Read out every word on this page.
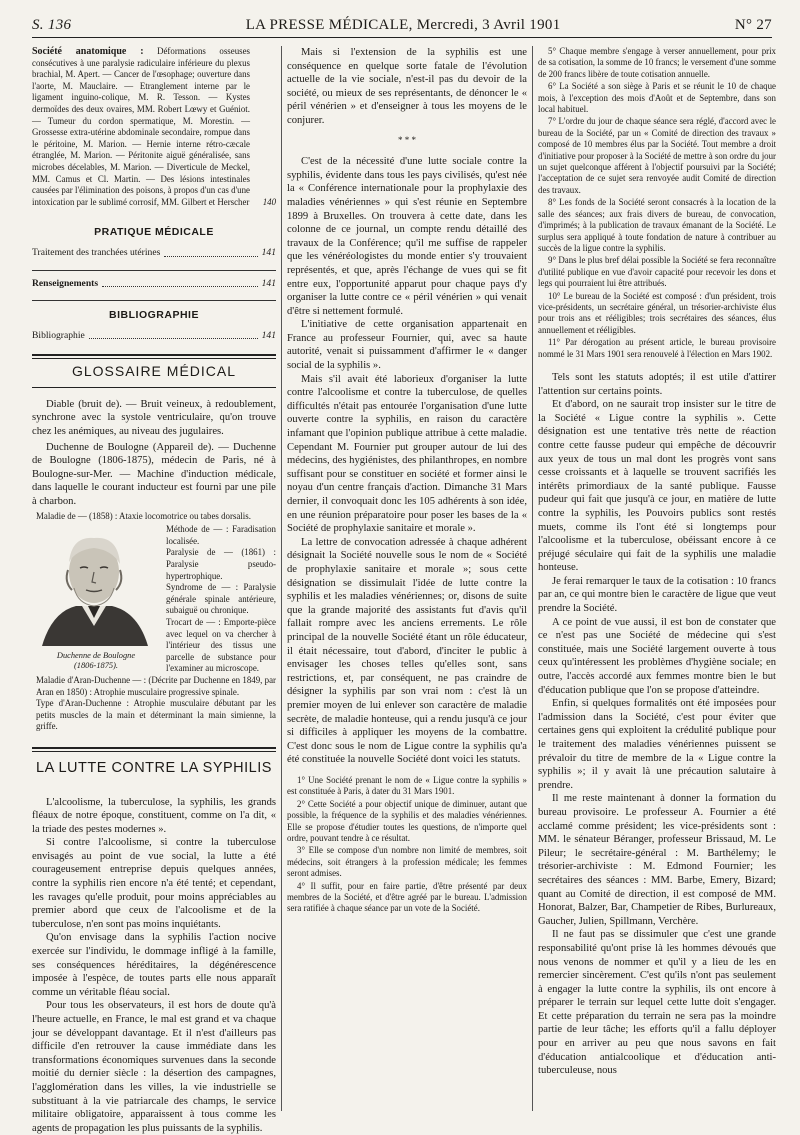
S. 136	LA PRESSE MÉDICALE, Mercredi, 3 Avril 1901	N° 27
Société anatomique : Déformations osseuses consécutives à une paralysie radiculaire inférieure du plexus brachial, M. Apert. — Cancer de l'œsophage; ouverture dans l'aorte, M. Mauclaire. — Etranglement interne par le ligament inguino-colique, M. R. Tesson. — Kystes dermoïdes des deux ovaires, MM. Robert Lœwy et Guéniot. — Tumeur du cordon spermatique, M. Morestin. — Grossesse extra-utérine abdominale secondaire, rompue dans le péritoine, M. Marion. — Hernie interne rétro-cæcale étranglée, M. Marion. — Péritonite aiguë généralisée, sans microbes décelables, M. Marion. — Diverticule de Meckel, MM. Camus et Cl. Martin. — Des lésions intestinales causées par l'élimination des poisons, à propos d'un cas d'une intoxication par le sublimé corrosif, MM. Gilbert et Herscher 140
PRATIQUE MÉDICALE
Traitement des tranchées utérines	141
Renseignements	141
BIBLIOGRAPHIE
Bibliographie	141
GLOSSAIRE MÉDICAL

Diable (bruit de). — Bruit veineux, à redoublement, synchrone avec la systole ventriculaire, qu'on trouve chez les anémiques, au niveau des jugulaires.

Duchenne de Boulogne (Appareil de). — Duchenne de Boulogne (1806-1875), médecin de Paris, né à Boulogne-sur-Mer. — Machine d'induction médicale, dans laquelle le courant inducteur est fourni par une pile à charbon.

Maladie de — (1858) : Ataxie locomotrice ou tabes dorsalis.

Duchenne de Boulogne
(1806-1875).

Méthode de — : Faradisation localisée.

Paralysie de — (1861) : Paralysie pseudo-hypertrophique.

Syndrome de — : Paralysie générale spinale antérieure, subaiguë ou chronique.

Trocart de — : Emporte-pièce avec lequel on va chercher à l'intérieur des tissus une parcelle de substance pour l'examiner au microscope.

Maladie d'Aran-Duchenne — : (Décrite par Duchenne en 1849, par Aran en 1850) : Atrophie musculaire progressive spinale.

Type d'Aran-Duchenne : Atrophie musculaire débutant par les petits muscles de la main et déterminant la main simienne, la griffe.

LA LUTTE CONTRE LA SYPHILIS

L'alcoolisme, la tuberculose, la syphilis, les grands fléaux de notre époque, constituent, comme on l'a dit, « la triade des pestes modernes ».

Si contre l'alcoolisme, si contre la tuberculose envisagés au point de vue social, la lutte a été courageusement entreprise depuis quelques années, contre la syphilis rien encore n'a été tenté; et cependant, les ravages qu'elle produit, pour moins appréciables au premier abord que ceux de l'alcoolisme et de la tuberculose, n'en sont pas moins inquiétants.

Qu'on envisage dans la syphilis l'action nocive exercée sur l'individu, le dommage infligé à la famille, ses conséquences héréditaires, la dégénérescence imposée à l'espèce, de toutes parts elle nous apparaît comme un véritable fléau social.

Pour tous les observateurs, il est hors de doute qu'à l'heure actuelle, en France, le mal est grand et va chaque jour se développant davantage. Et il n'est d'ailleurs pas difficile d'en retrouver la cause immédiate dans les transformations économiques survenues dans la seconde moitié du dernier siècle : la désertion des campagnes, l'agglomération dans les villes, la vie industrielle se substituant à la vie patriarcale des champs, le service militaire obligatoire, apparaissent à tous comme les agents de propagation les plus puissants de la syphilis.

Mais si l'extension de la syphilis est une conséquence en quelque sorte fatale de l'évolution actuelle de la vie sociale, n'est-il pas du devoir de la société, ou mieux de ses représentants, de dénoncer le « péril vénérien » et d'enseigner à tous les moyens de le conjurer.

* * *

C'est de la nécessité d'une lutte sociale contre la syphilis, évidente dans tous les pays civilisés, qu'est née la « Conférence internationale pour la prophylaxie des maladies vénériennes » qui s'est réunie en Septembre 1899 à Bruxelles. On trouvera à cette date, dans les colonne de ce journal, un compte rendu détaillé des travaux de la Conférence; qu'il me suffise de rappeler que les vénéréologistes du monde entier s'y trouvaient représentés, et que, après l'échange de vues qui se fit entre eux, l'opportunité apparut pour chaque pays d'y organiser la lutte contre ce « péril vénérien » qui venait d'être si nettement formulé.

L'initiative de cette organisation appartenait en France au professeur Fournier, qui, avec sa haute autorité, venait si puissamment d'affirmer le « danger social de la syphilis ».

Mais s'il avait été laborieux d'organiser la lutte contre l'alcoolisme et contre la tuberculose, de quelles difficultés n'était pas entourée l'organisation d'une lutte ouverte contre la syphilis, en raison du caractère infamant que l'opinion publique attribue à cette maladie. Cependant M. Fournier put grouper autour de lui des médecins, des hygiénistes, des philanthropes, en nombre suffisant pour se constituer en société et former ainsi le noyau d'un centre français d'action. Dimanche 31 Mars dernier, il convoquait donc les 105 adhérents à son idée, en une réunion préparatoire pour poser les bases de la « Société de prophylaxie sanitaire et morale ».

La lettre de convocation adressée à chaque adhérent désignait la Société nouvelle sous le nom de « Société de prophylaxie sanitaire et morale »; sous cette désignation se dissimulait l'idée de lutte contre la syphilis et les maladies vénériennes; or, disons de suite que la grande majorité des assistants fut d'avis qu'il fallait rompre avec les anciens errements. Le rôle principal de la nouvelle Société étant un rôle éducateur, il était nécessaire, tout d'abord, d'inciter le public à envisager les choses telles qu'elles sont, sans restrictions, et, par conséquent, ne pas craindre de désigner la syphilis par son vrai nom : c'est là un premier moyen de lui enlever son caractère de maladie secrète, de maladie honteuse, qui a rendu jusqu'à ce jour si difficiles à appliquer les moyens de la combattre. C'est donc sous le nom de Ligue contre la syphilis qu'a été constituée la nouvelle Société dont voici les statuts.

1° Une Société prenant le nom de « Ligue contre la syphilis » est constituée à Paris, à dater du 31 Mars 1901.

2° Cette Société a pour objectif unique de diminuer, autant que possible, la fréquence de la syphilis et des maladies vénériennes. Elle se propose d'étudier toutes les questions, de n'importe quel ordre, pouvant tendre à ce résultat.

3° Elle se compose d'un nombre non limité de membres, soit médecins, soit étrangers à la profession médicale; les femmes seront admises.

4° Il suffit, pour en faire partie, d'être présenté par deux membres de la Société, et d'être agréé par le bureau. L'admission sera ratifiée à chaque séance par un vote de la Société.

5° Chaque membre s'engage à verser annuellement, pour prix de sa cotisation, la somme de 10 francs; le versement d'une somme de 200 francs libère de toute cotisation annuelle.

6° La Société a son siège à Paris et se réunit le 10 de chaque mois, à l'exception des mois d'Août et de Septembre, dans son local habituel.

7° L'ordre du jour de chaque séance sera réglé, d'accord avec le bureau de la Société, par un « Comité de direction des travaux » composé de 10 membres élus par la Société. Tout membre a droit d'initiative pour proposer à la Société de mettre à son ordre du jour un sujet quelconque afférent à l'objectif poursuivi par la Société; l'acceptation de ce sujet sera renvoyée audit Comité de direction des travaux.

8° Les fonds de la Société seront consacrés à la location de la salle des séances; aux frais divers de bureau, de convocation, d'imprimés; à la publication de travaux émanant de la Société. Le surplus sera appliqué à toute fondation de nature à contribuer au succès de la ligue contre la syphilis.

9° Dans le plus bref délai possible la Société se fera reconnaître d'utilité publique en vue d'avoir capacité pour recevoir les dons et legs qui pourraient lui être attribués.

10° Le bureau de la Société est composé : d'un président, trois vice-présidents, un secrétaire général, un trésorier-archiviste élus pour trois ans et rééligibles; trois secrétaires des séances, élus annuellement et rééligibles.

11° Par dérogation au présent article, le bureau provisoire nommé le 31 Mars 1901 sera renouvelé à l'élection en Mars 1902.

Tels sont les statuts adoptés; il est utile d'attirer l'attention sur certains points.

Et d'abord, on ne saurait trop insister sur le titre de la Société « Ligue contre la syphilis ». Cette désignation est une tentative très nette de réaction contre cette fausse pudeur qui empêche de découvrir aux yeux de tous un mal dont les progrès vont sans cesse croissants et à laquelle se trouvent sacrifiés les intérêts primordiaux de la santé publique. Fausse pudeur qui fait que jusqu'à ce jour, en matière de lutte contre la syphilis, les Pouvoirs publics sont restés muets, comme ils l'ont été si longtemps pour l'alcoolisme et la tuberculose, obéissant encore à ce préjugé séculaire qui fait de la syphilis une maladie honteuse.

Je ferai remarquer le taux de la cotisation : 10 francs par an, ce qui montre bien le caractère de ligue que veut prendre la Société.

A ce point de vue aussi, il est bon de constater que ce n'est pas une Société de médecine qui s'est constituée, mais une Société largement ouverte à tous ceux qu'intéressent les problèmes d'hygiène sociale; en outre, l'accès accordé aux femmes montre bien le but d'éducation publique que l'on se propose d'atteindre.

Enfin, si quelques formalités ont été imposées pour l'admission dans la Société, c'est pour éviter que certaines gens qui exploitent la crédulité publique pour le traitement des maladies vénériennes puissent se prévaloir du titre de membre de la « Ligue contre la syphilis »; il y avait là une précaution salutaire à prendre.

Il me reste maintenant à donner la formation du bureau provisoire. Le professeur A. Fournier a été acclamé comme président; les vice-présidents sont : MM. le sénateur Béranger, professeur Brissaud, M. Le Pileur; le secrétaire-général : M. Barthélemy; le trésorier-archiviste : M. Edmond Fournier; les secrétaires des séances : MM. Barbe, Emery, Bizard; quant au Comité de direction, il est composé de MM. Honorat, Balzer, Bar, Champetier de Ribes, Burlureaux, Gaucher, Julien, Spillmann, Verchère.

Il ne faut pas se dissimuler que c'est une grande responsabilité qu'ont prise là les hommes dévoués que nous venons de nommer et qu'il y a lieu de les en remercier sincèrement. C'est qu'ils n'ont pas seulement à engager la lutte contre la syphilis, ils ont encore à préparer le terrain sur lequel cette lutte doit s'engager. Et cette préparation du terrain ne sera pas la moindre partie de leur tâche; les efforts qu'il a fallu déployer pour en arriver au peu que nous savons en fait d'éducation antialcoolique et d'éducation anti-tuberculeuse, nous
